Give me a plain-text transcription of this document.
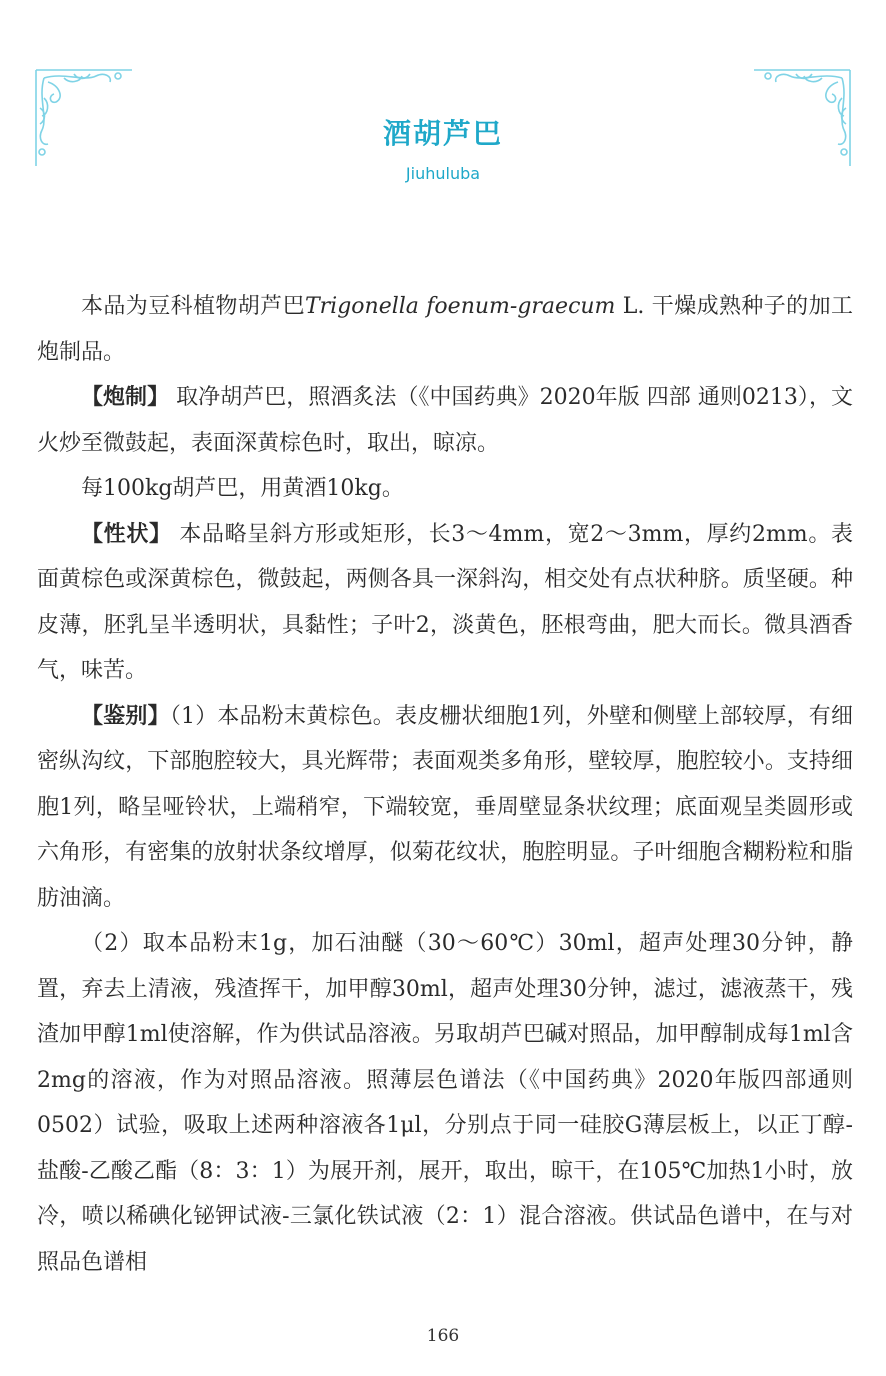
酒胡芦巴
Jiuhuluba

本品为豆科植物胡芦巴Trigonella foenum-graecum L. 干燥成熟种子的加工炮制品。

【炮制】 取净胡芦巴，照酒炙法（《中国药典》2020年版 四部 通则0213），文火炒至微鼓起，表面深黄棕色时，取出，晾凉。

每100kg胡芦巴，用黄酒10kg。

【性状】 本品略呈斜方形或矩形，长3～4mm，宽2～3mm，厚约2mm。表面黄棕色或深黄棕色，微鼓起，两侧各具一深斜沟，相交处有点状种脐。质坚硬。种皮薄，胚乳呈半透明状，具黏性；子叶2，淡黄色，胚根弯曲，肥大而长。微具酒香气，味苦。

【鉴别】（1）本品粉末黄棕色。表皮栅状细胞1列，外壁和侧壁上部较厚，有细密纵沟纹，下部胞腔较大，具光辉带；表面观类多角形，壁较厚，胞腔较小。支持细胞1列，略呈哑铃状，上端稍窄，下端较宽，垂周壁显条状纹理；底面观呈类圆形或六角形，有密集的放射状条纹增厚，似菊花纹状，胞腔明显。子叶细胞含糊粉粒和脂肪油滴。

（2）取本品粉末1g，加石油醚（30～60℃）30ml，超声处理30分钟，静置，弃去上清液，残渣挥干，加甲醇30ml，超声处理30分钟，滤过，滤液蒸干，残渣加甲醇1ml使溶解，作为供试品溶液。另取胡芦巴碱对照品，加甲醇制成每1ml含2mg的溶液，作为对照品溶液。照薄层色谱法（《中国药典》2020年版四部通则0502）试验，吸取上述两种溶液各1μl，分别点于同一硅胶G薄层板上，以正丁醇-盐酸-乙酸乙酯（8：3：1）为展开剂，展开，取出，晾干，在105℃加热1小时，放冷，喷以稀碘化铋钾试液-三氯化铁试液（2：1）混合溶液。供试品色谱中，在与对照品色谱相

166
